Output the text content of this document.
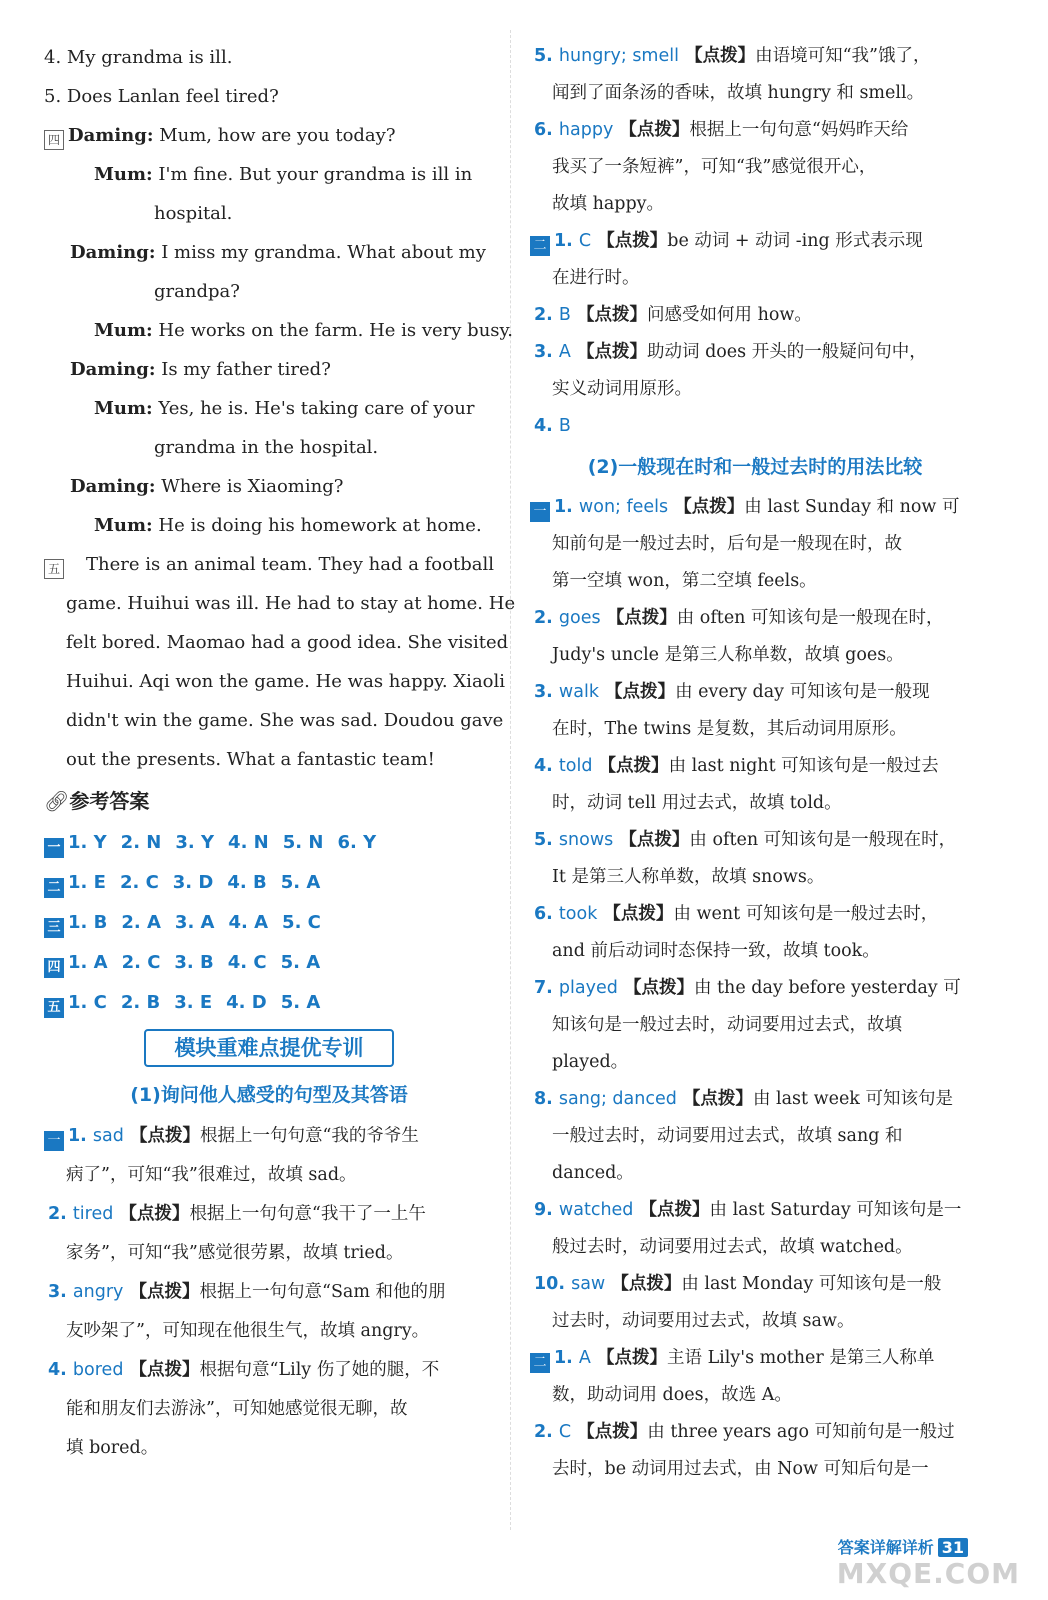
4. My grandma is ill.
5. Does Lanlan feel tired?
四 Daming: Mum, how are you today?
Mum: I'm fine. But your grandma is ill in
hospital.
Daming: I miss my grandma. What about my
grandpa?
Mum: He works on the farm. He is very busy.
Daming: Is my father tired?
Mum: Yes, he is. He's taking care of your
grandma in the hospital.
Daming: Where is Xiaoming?
Mum: He is doing his homework at home.
五 There is an animal team. They had a football
game. Huihui was ill. He had to stay at home. He
felt bored. Maomao had a good idea. She visited
Huihui. Aqi won the game. He was happy. Xiaoli
didn't win the game. She was sad. Doudou gave
out the presents. What a fantastic team!
🔗︎参考答案
一 1. Y 2. N 3. Y 4. N 5. N 6. Y
二 1. E 2. C 3. D 4. B 5. A
三 1. B 2. A 3. A 4. A 5. C
四 1. A 2. C 3. B 4. C 5. A
五 1. C 2. B 3. E 4. D 5. A
模块重难点提优专训
(1)询问他人感受的句型及其答语
一 1. sad 【点拨】根据上一句句意“我的爷爷生
病了”，可知“我”很难过，故填 sad。
2. tired 【点拨】根据上一句句意“我干了一上午
家务”，可知“我”感觉很劳累，故填 tried。
3. angry 【点拨】根据上一句句意“Sam 和他的朋
友吵架了”，可知现在他很生气，故填 angry。
4. bored 【点拨】根据句意“Lily 伤了她的腿，不
能和朋友们去游泳”，可知她感觉很无聊，故
填 bored。
5. hungry; smell 【点拨】由语境可知“我”饿了，
闻到了面条汤的香味，故填 hungry 和 smell。
6. happy 【点拨】根据上一句句意“妈妈昨天给
我买了一条短裤”，可知“我”感觉很开心，
故填 happy。
二 1. C 【点拨】be 动词 + 动词 -ing 形式表示现
在进行时。
2. B 【点拨】问感受如何用 how。
3. A 【点拨】助动词 does 开头的一般疑问句中，
实义动词用原形。
4. B
(2)一般现在时和一般过去时的用法比较
一 1. won; feels 【点拨】由 last Sunday 和 now 可
知前句是一般过去时，后句是一般现在时，故
第一空填 won，第二空填 feels。
2. goes 【点拨】由 often 可知该句是一般现在时，
Judy's uncle 是第三人称单数，故填 goes。
3. walk 【点拨】由 every day 可知该句是一般现
在时，The twins 是复数，其后动词用原形。
4. told 【点拨】由 last night 可知该句是一般过去
时，动词 tell 用过去式，故填 told。
5. snows 【点拨】由 often 可知该句是一般现在时，
It 是第三人称单数，故填 snows。
6. took 【点拨】由 went 可知该句是一般过去时，
and 前后动词时态保持一致，故填 took。
7. played 【点拨】由 the day before yesterday 可
知该句是一般过去时，动词要用过去式，故填
played。
8. sang; danced 【点拨】由 last week 可知该句是
一般过去时，动词要用过去式，故填 sang 和
danced。
9. watched 【点拨】由 last Saturday 可知该句是一
般过去时，动词要用过去式，故填 watched。
10. saw 【点拨】由 last Monday 可知该句是一般
过去时，动词要用过去式，故填 saw。
二 1. A 【点拨】主语 Lily's mother 是第三人称单
数，助动词用 does，故选 A。
2. C 【点拨】由 three years ago 可知前句是一般过
去时，be 动词用过去式，由 Now 可知后句是一
答案详解详析 31
MXQE.COM
